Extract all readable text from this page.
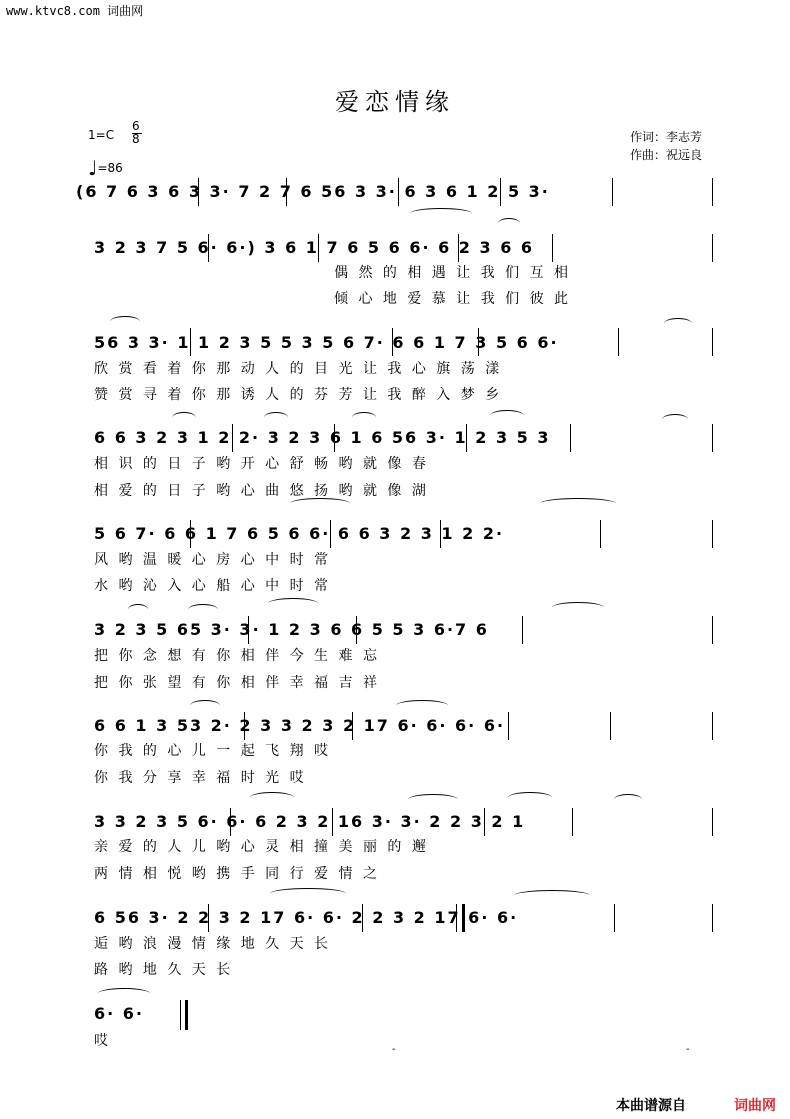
www.ktvc8.com 词曲网
爱恋情缘
1=C
6
8
♩=86
作词：李志芳
作曲：祝远良
(6 7 6 3 6 3 3· 7 2 7 6 56 3 3· 6 3 6 1 2 5 3·
3 2 3 7 5 6· 6·) 3 6 1 7 6 5 6 6· 6 2 3 6 6
偶 然 的 相 遇 让 我 们 互 相
倾 心 地 爱 慕 让 我 们 彼 此
56 3 3· 1 1 2 3 5 5 3 5 6 7· 6 6 1 7 3 5 6 6·
欣 赏 看 着 你 那 动 人 的 目 光 让 我 心 旗 荡 漾
赞 赏 寻 着 你 那 诱 人 的 芬 芳 让 我 醉 入 梦 乡
6 6 3 2 3 1 2 2· 3 2 3 6 1 6 56 3· 1 2 3 5 3
相 识 的 日 子 哟 开 心 舒 畅 哟 就 像 春
相 爱 的 日 子 哟 心 曲 悠 扬 哟 就 像 湖
5 6 7· 6 6 1 7 6 5 6 6· 6 6 3 2 3 1 2 2·
风 哟 温 暖 心 房 心 中 时 常
水 哟 沁 入 心 船 心 中 时 常
3 2 3 5 65 3· 3· 1 2 3 6 6 5 5 3 6·7 6
把 你 念 想 有 你 相 伴 今 生 难 忘
把 你 张 望 有 你 相 伴 幸 福 吉 祥
6 6 1 3 53 2· 2 3 3 2 3 2 17 6· 6· 6· 6·
你 我 的 心 儿 一 起 飞 翔 哎
你 我 分 享 幸 福 时 光 哎
3 3 2 3 5 6· 6· 6 2 3 2 16 3· 3· 2 2 3 2 1
亲 爱 的 人 儿 哟 心 灵 相 撞 美 丽 的 邂
两 情 相 悦 哟 携 手 同 行 爱 情 之
6 56 3· 2 2 3 2 17 6· 6· 2 2 3 2 17 6· 6·
逅 哟 浪 漫 情 缘 地 久 天 长
路 哟 地 久 天 长
6· 6·
哎
-	-
本曲谱源自	词曲网
